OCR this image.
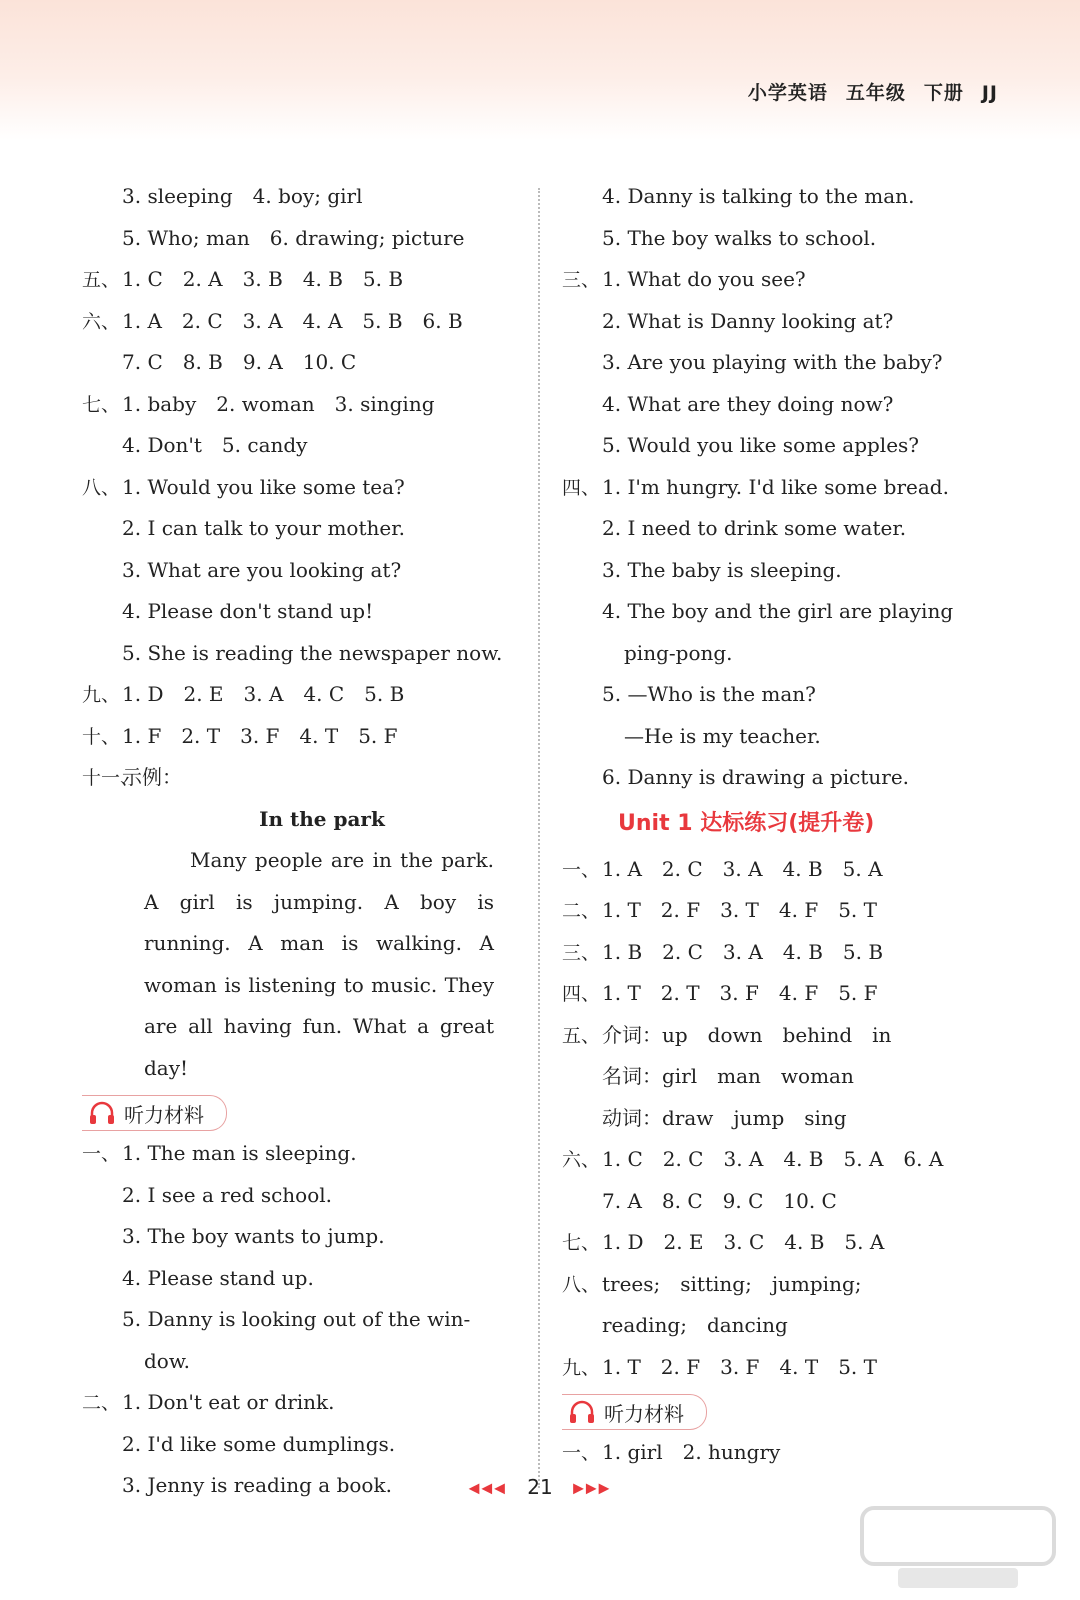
小学英语 五年级 下册 JJ
3. sleeping　4. boy; girl
5. Who; man　6. drawing; picture
五、1. C　2. A　3. B　4. B　5. B
六、1. A　2. C　3. A　4. A　5. B　6. B
7. C　8. B　9. A　10. C
七、1. baby　2. woman　3. singing
4. Don't　5. candy
八、1. Would you like some tea?
2. I can talk to your mother.
3. What are you looking at?
4. Please don't stand up!
5. She is reading the newspaper now.
九、1. D　2. E　3. A　4. C　5. B
十、1. F　2. T　3. F　4. T　5. F
十一、示例：
In the park
Many people are in the park. A girl is jumping. A boy is running. A man is walking. A woman is listening to music. They are all having fun. What a great day!
听力材料
一、1. The man is sleeping.
2. I see a red school.
3. The boy wants to jump.
4. Please stand up.
5. Danny is looking out of the win-
dow.
二、1. Don't eat or drink.
2. I'd like some dumplings.
3. Jenny is reading a book.
4. Danny is talking to the man.
5. The boy walks to school.
三、1. What do you see?
2. What is Danny looking at?
3. Are you playing with the baby?
4. What are they doing now?
5. Would you like some apples?
四、1. I'm hungry. I'd like some bread.
2. I need to drink some water.
3. The baby is sleeping.
4. The boy and the girl are playing
ping-pong.
5. —Who is the man?
—He is my teacher.
6. Danny is drawing a picture.
Unit 1 达标练习(提升卷)
一、1. A　2. C　3. A　4. B　5. A
二、1. T　2. F　3. T　4. F　5. T
三、1. B　2. C　3. A　4. B　5. B
四、1. T　2. T　3. F　4. F　5. F
五、介词：up　down　behind　in
名词：girl　man　woman
动词：draw　jump　sing
六、1. C　2. C　3. A　4. B　5. A　6. A
7. A　8. C　9. C　10. C
七、1. D　2. E　3. C　4. B　5. A
八、trees;　sitting;　jumping;
reading;　dancing
九、1. T　2. F　3. F　4. T　5. T
听力材料
一、1. girl　2. hungry
◀◀◀ 21 ▶▶▶
